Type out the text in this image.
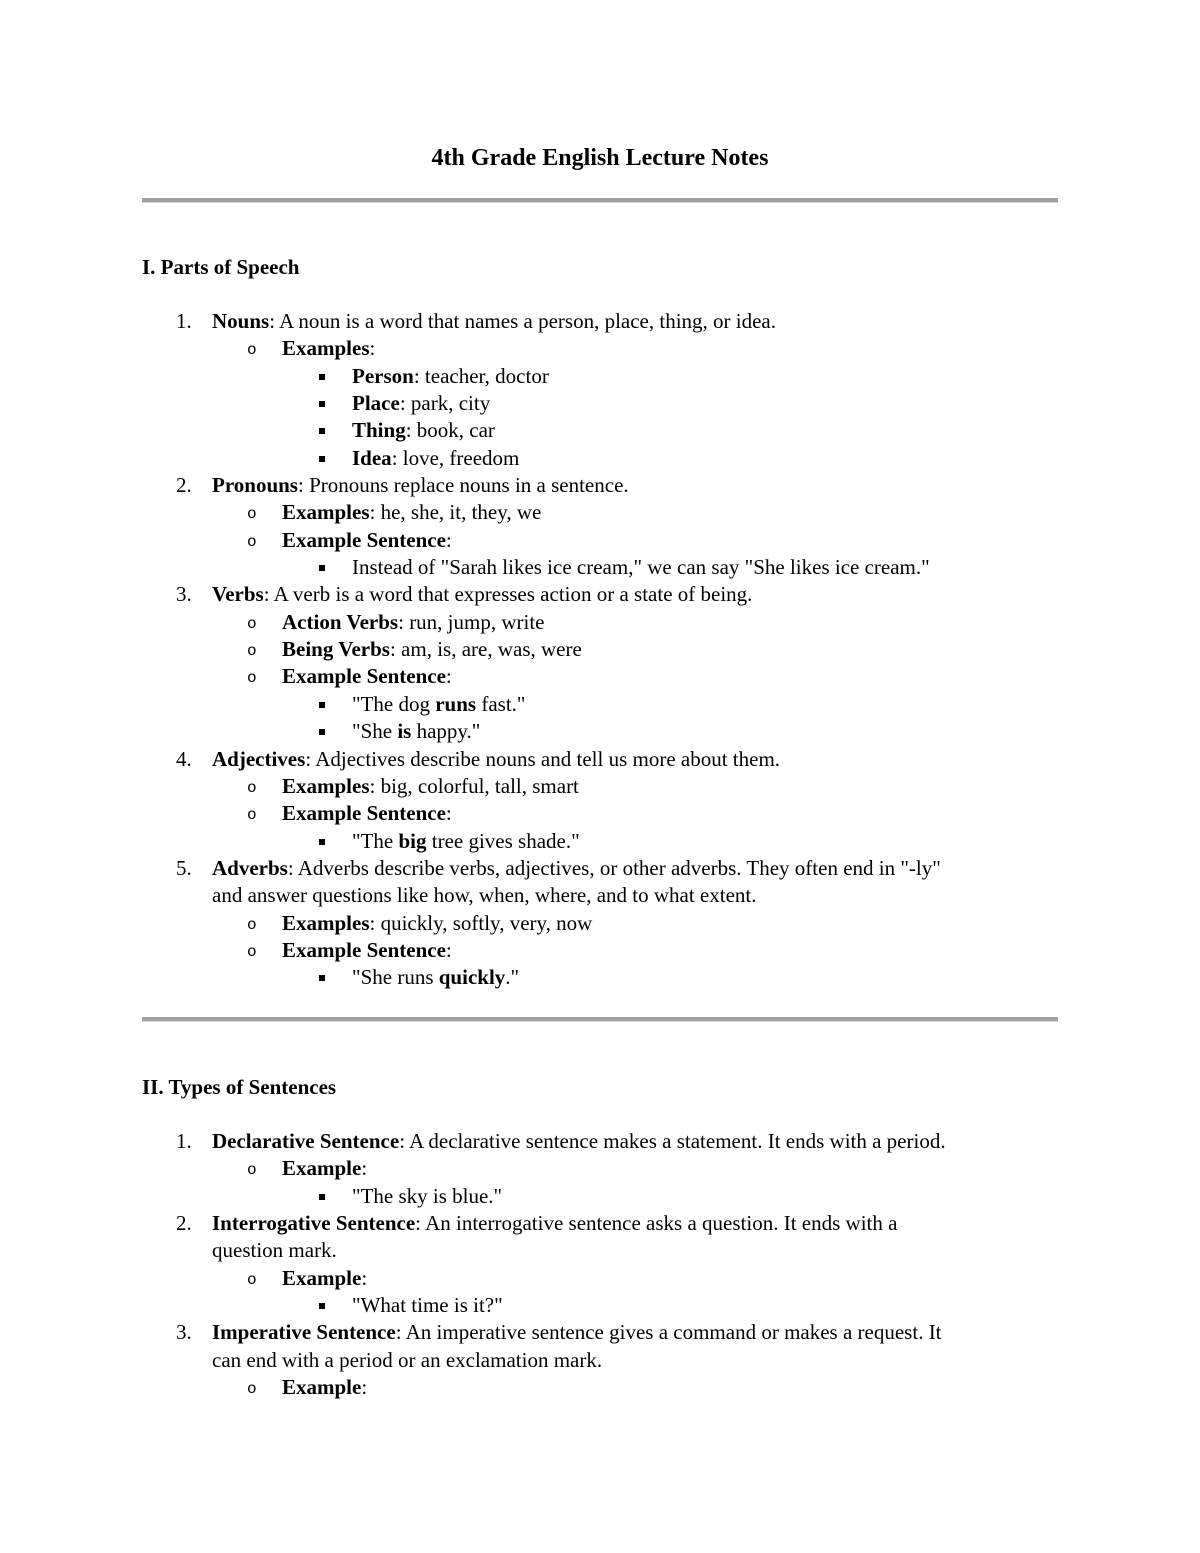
4th Grade English Lecture Notes
I. Parts of Speech
1. Nouns: A noun is a word that names a person, place, thing, or idea.
o	Examples:
Person: teacher, doctor
Place: park, city
Thing: book, car
Idea: love, freedom
2. Pronouns: Pronouns replace nouns in a sentence.
o	Examples: he, she, it, they, we
o	Example Sentence:
Instead of "Sarah likes ice cream," we can say "She likes ice cream."
3. Verbs: A verb is a word that expresses action or a state of being.
o	Action Verbs: run, jump, write
o	Being Verbs: am, is, are, was, were
o	Example Sentence:
"The dog runs fast."
"She is happy."
4. Adjectives: Adjectives describe nouns and tell us more about them.
o	Examples: big, colorful, tall, smart
o	Example Sentence:
"The big tree gives shade."
5. Adverbs: Adverbs describe verbs, adjectives, or other adverbs. They often end in "-ly"
and answer questions like how, when, where, and to what extent.
o	Examples: quickly, softly, very, now
o	Example Sentence:
"She runs quickly."
II. Types of Sentences
1. Declarative Sentence: A declarative sentence makes a statement. It ends with a period.
o	Example:
"The sky is blue."
2. Interrogative Sentence: An interrogative sentence asks a question. It ends with a
question mark.
o	Example:
"What time is it?"
3. Imperative Sentence: An imperative sentence gives a command or makes a request. It
can end with a period or an exclamation mark.
o	Example:
